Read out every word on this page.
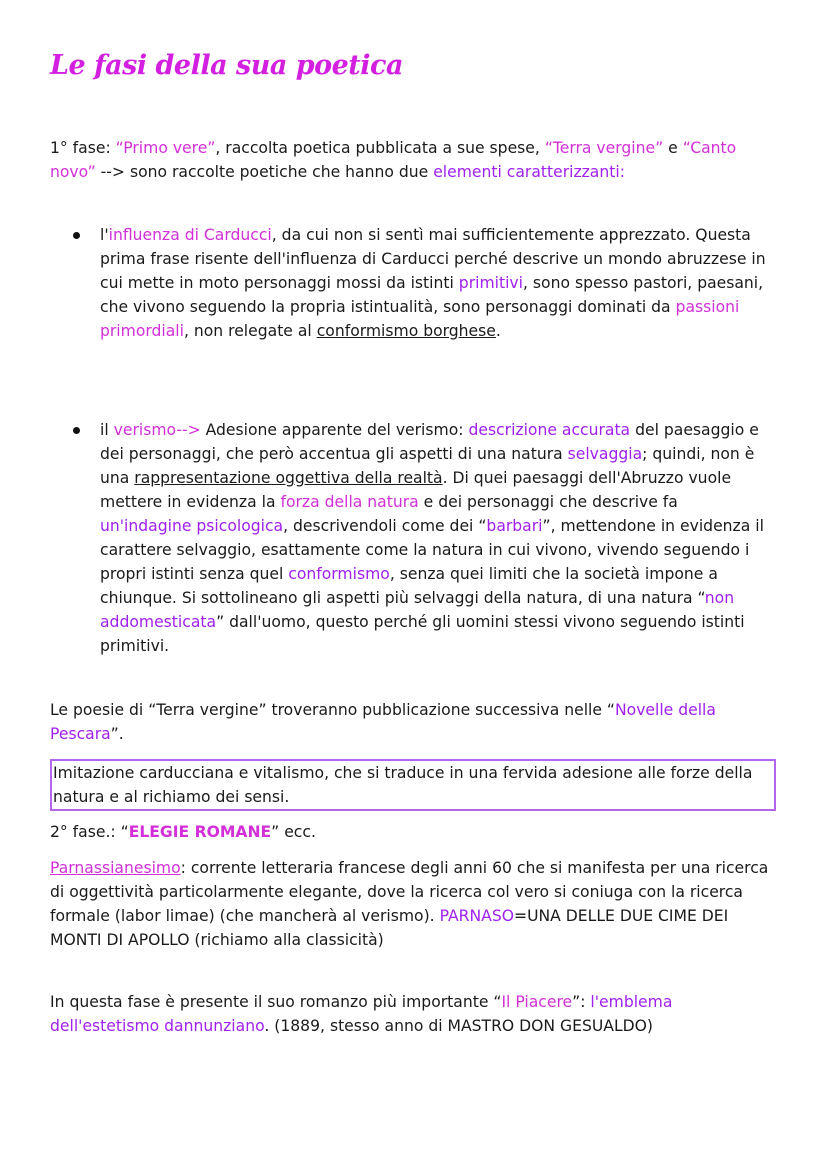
Le fasi della sua poetica

1° fase: “Primo vere”, raccolta poetica pubblicata a sue spese, “Terra vergine” e “Canto novo” --> sono raccolte poetiche che hanno due elementi caratterizzanti:

l'influenza di Carducci, da cui non si sentì mai sufficientemente apprezzato. Questa prima frase risente dell'influenza di Carducci perché descrive un mondo abruzzese in cui mette in moto personaggi mossi da istinti primitivi, sono spesso pastori, paesani, che vivono seguendo la propria istintualità, sono personaggi dominati da passioni primordiali, non relegate al conformismo borghese.
il verismo--> Adesione apparente del verismo: descrizione accurata del paesaggio e dei personaggi, che però accentua gli aspetti di una natura selvaggia; quindi, non è una rappresentazione oggettiva della realtà. Di quei paesaggi dell'Abruzzo vuole mettere in evidenza la forza della natura e dei personaggi che descrive fa un'indagine psicologica, descrivendoli come dei “barbari”, mettendone in evidenza il carattere selvaggio, esattamente come la natura in cui vivono, vivendo seguendo i propri istinti senza quel conformismo, senza quei limiti che la società impone a chiunque. Si sottolineano gli aspetti più selvaggi della natura, di una natura “non addomesticata” dall'uomo, questo perché gli uomini stessi vivono seguendo istinti primitivi.

Le poesie di “Terra vergine” troveranno pubblicazione successiva nelle “Novelle della Pescara”.

Imitazione carducciana e vitalismo, che si traduce in una fervida adesione alle forze della natura e al richiamo dei sensi.

2° fase.: “ELEGIE ROMANE” ecc.

Parnassianesimo: corrente letteraria francese degli anni 60 che si manifesta per una ricerca di oggettività particolarmente elegante, dove la ricerca col vero si coniuga con la ricerca formale (labor limae) (che mancherà al verismo). PARNASO=UNA DELLE DUE CIME DEI MONTI DI APOLLO (richiamo alla classicità)

In questa fase è presente il suo romanzo più importante “Il Piacere”: l'emblema dell'estetismo dannunziano. (1889, stesso anno di MASTRO DON GESUALDO)
